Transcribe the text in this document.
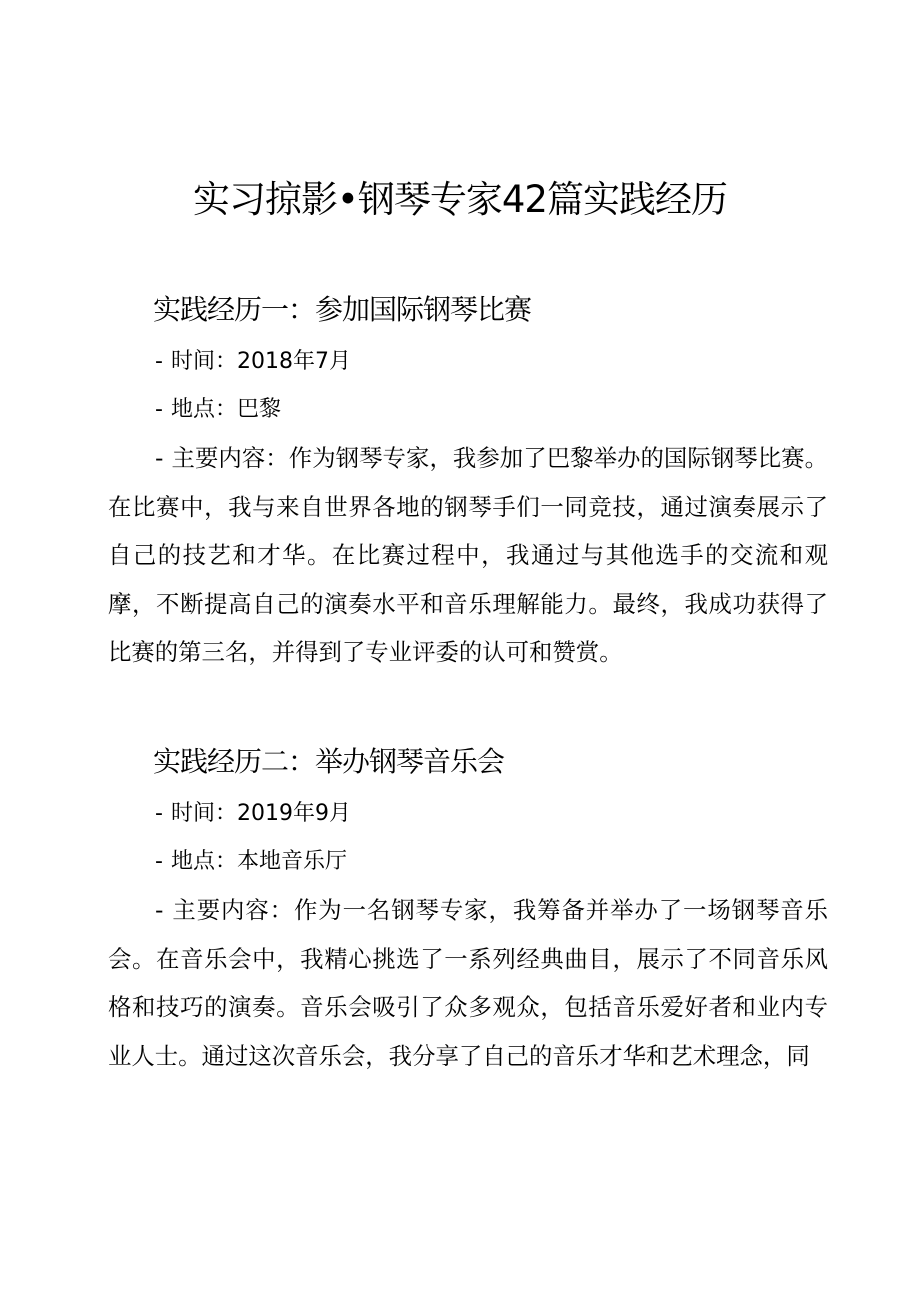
实习掠影•钢琴专家42篇实践经历
实践经历一：参加国际钢琴比赛
- 时间：2018年7月
- 地点：巴黎

- 主要内容：作为钢琴专家，我参加了巴黎举办的国际钢琴比赛。在比赛中，我与来自世界各地的钢琴手们一同竞技，通过演奏展示了自己的技艺和才华。在比赛过程中，我通过与其他选手的交流和观摩，不断提高自己的演奏水平和音乐理解能力。最终，我成功获得了比赛的第三名，并得到了专业评委的认可和赞赏。

实践经历二：举办钢琴音乐会
- 时间：2019年9月
- 地点：本地音乐厅

- 主要内容：作为一名钢琴专家，我筹备并举办了一场钢琴音乐会。在音乐会中，我精心挑选了一系列经典曲目，展示了不同音乐风格和技巧的演奏。音乐会吸引了众多观众，包括音乐爱好者和业内专业人士。通过这次音乐会，我分享了自己的音乐才华和艺术理念，同
